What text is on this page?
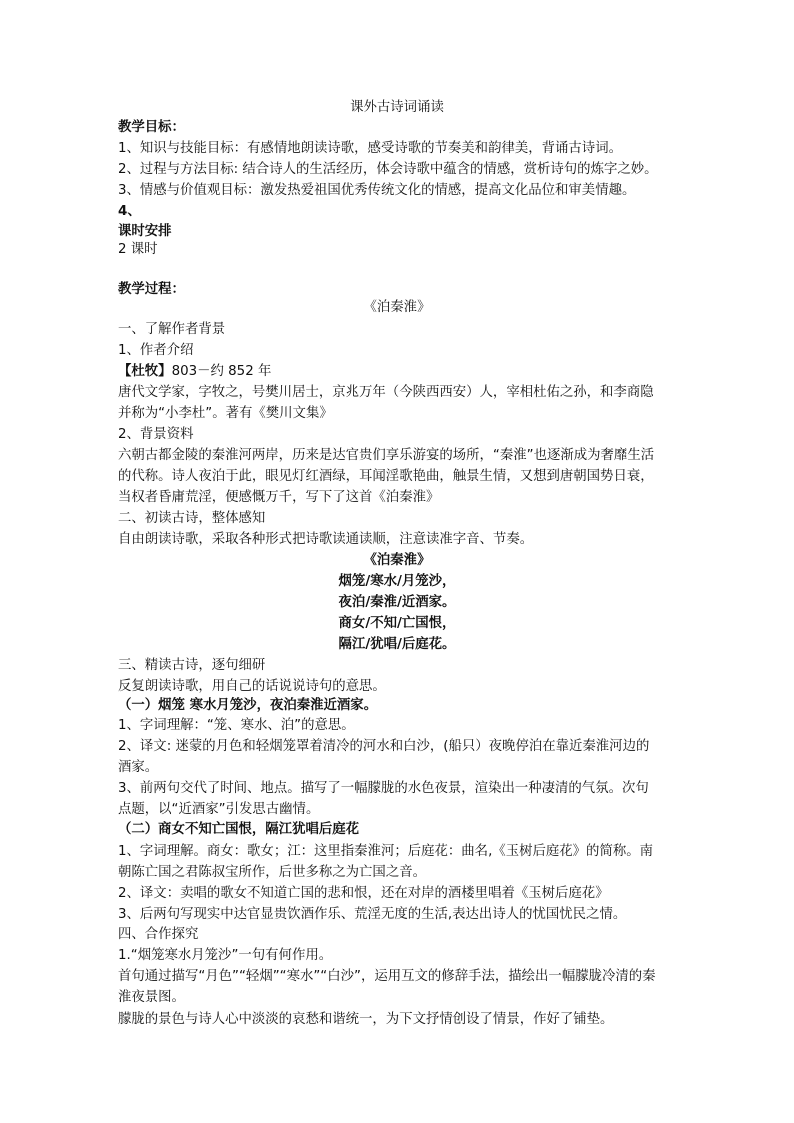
课外古诗词诵读
教学目标：
1、知识与技能目标：有感情地朗读诗歌，感受诗歌的节奏美和韵律美，背诵古诗词。
2、过程与方法目标: 结合诗人的生活经历，体会诗歌中蕴含的情感，赏析诗句的炼字之妙。
3、情感与价值观目标：激发热爱祖国优秀传统文化的情感，提高文化品位和审美情趣。
4、
课时安排
2 课时
教学过程：
《泊秦淮》
一、了解作者背景
1、作者介绍
【杜牧】803－约 852 年
唐代文学家，字牧之，号樊川居士，京兆万年（今陕西西安）人，宰相杜佑之孙，和李商隐
并称为“小李杜”。著有《樊川文集》
2、背景资料
六朝古都金陵的秦淮河两岸，历来是达官贵们享乐游宴的场所，“秦淮”也逐渐成为奢靡生活
的代称。诗人夜泊于此，眼见灯红酒绿，耳闻淫歌艳曲，触景生情，又想到唐朝国势日衰，
当权者昏庸荒淫，便感慨万千，写下了这首《泊秦淮》
二、初读古诗，整体感知
自由朗读诗歌，采取各种形式把诗歌读通读顺，注意读准字音、节奏。
《泊秦淮》
烟笼/寒水/月笼沙，
夜泊/秦淮/近酒家。
商女/不知/亡国恨，
隔江/犹唱/后庭花。
三、精读古诗，逐句细研
反复朗读诗歌，用自己的话说说诗句的意思。
（一）烟笼 寒水月笼沙，夜泊秦淮近酒家。
1、字词理解：“笼、寒水、泊”的意思。
2、译文: 迷蒙的月色和轻烟笼罩着清冷的河水和白沙，(船只）夜晚停泊在靠近秦淮河边的
酒家。
3、前两句交代了时间、地点。描写了一幅朦胧的水色夜景，渲染出一种凄清的气氛。次句
点题，以“近酒家”引发思古幽情。
（二）商女不知亡国恨，隔江犹唱后庭花
1、字词理解。商女：歌女；江：这里指秦淮河；后庭花：曲名,《玉树后庭花》的简称。南
朝陈亡国之君陈叔宝所作，后世多称之为亡国之音。
2、译文：卖唱的歌女不知道亡国的悲和恨，还在对岸的酒楼里唱着《玉树后庭花》
3、后两句写现实中达官显贵饮酒作乐、荒淫无度的生活,表达出诗人的忧国忧民之情。
四、合作探究
1.“烟笼寒水月笼沙”一句有何作用。
首句通过描写“月色”“轻烟”“寒水”“白沙”，运用互文的修辞手法，描绘出一幅朦胧冷清的秦
淮夜景图。
朦胧的景色与诗人心中淡淡的哀愁和谐统一，为下文抒情创设了情景，作好了铺垫。
